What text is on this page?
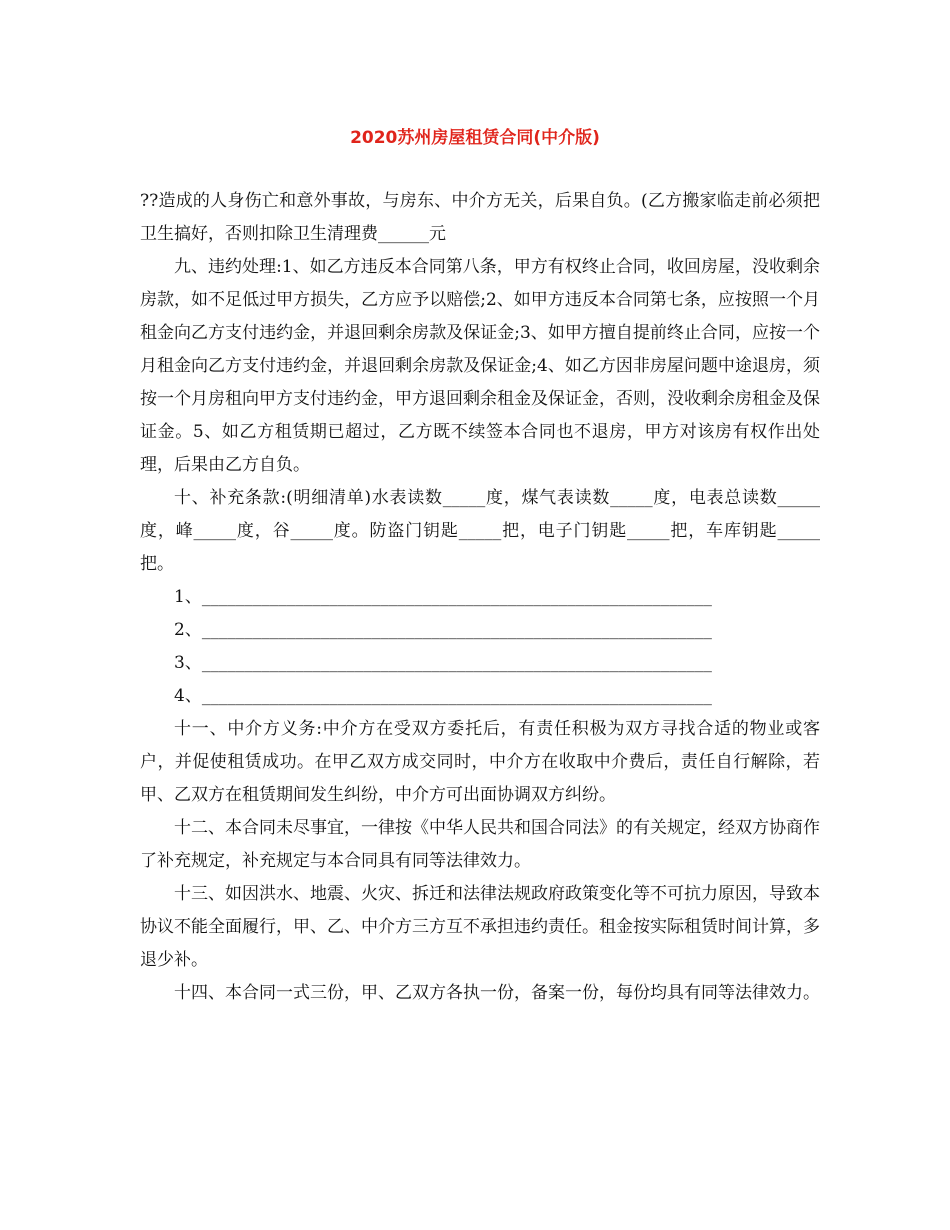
2020苏州房屋租赁合同(中介版)

??造成的人身伤亡和意外事故，与房东、中介方无关，后果自负。(乙方搬家临走前必须把卫生搞好，否则扣除卫生清理费______元

九、违约处理:1、如乙方违反本合同第八条，甲方有权终止合同，收回房屋，没收剩余房款，如不足低过甲方损失，乙方应予以赔偿;2、如甲方违反本合同第七条，应按照一个月租金向乙方支付违约金，并退回剩余房款及保证金;3、如甲方擅自提前终止合同，应按一个月租金向乙方支付违约金，并退回剩余房款及保证金;4、如乙方因非房屋问题中途退房，须按一个月房租向甲方支付违约金，甲方退回剩余租金及保证金，否则，没收剩余房租金及保证金。5、如乙方租赁期已超过，乙方既不续签本合同也不退房，甲方对该房有权作出处理，后果由乙方自负。

十、补充条款:(明细清单)水表读数_____度，煤气表读数_____度，电表总读数_____度，峰_____度，谷_____度。防盗门钥匙_____把，电子门钥匙_____把，车库钥匙_____把。

1、____________________________________________________________
2、____________________________________________________________
3、____________________________________________________________
4、____________________________________________________________

十一、中介方义务:中介方在受双方委托后，有责任积极为双方寻找合适的物业或客户，并促使租赁成功。在甲乙双方成交同时，中介方在收取中介费后，责任自行解除，若甲、乙双方在租赁期间发生纠纷，中介方可出面协调双方纠纷。

十二、本合同未尽事宜，一律按《中华人民共和国合同法》的有关规定，经双方协商作了补充规定，补充规定与本合同具有同等法律效力。

十三、如因洪水、地震、火灾、拆迁和法律法规政府政策变化等不可抗力原因，导致本协议不能全面履行，甲、乙、中介方三方互不承担违约责任。租金按实际租赁时间计算，多退少补。

十四、本合同一式三份，甲、乙双方各执一份，备案一份，每份均具有同等法律效力。
